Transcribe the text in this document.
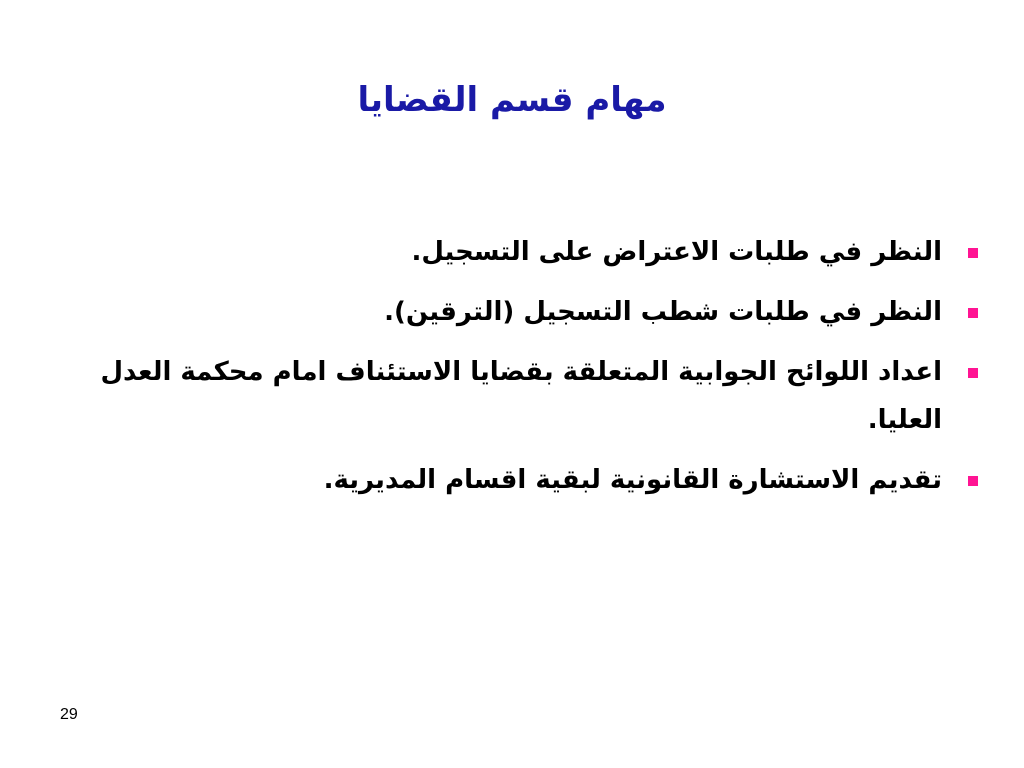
مهام قسم القضايا
النظر في طلبات الاعتراض على التسجيل.
النظر في طلبات شطب التسجيل (الترقين).
اعداد اللوائح الجوابية المتعلقة بقضايا الاستئناف امام محكمة العدل العليا.
تقديم الاستشارة القانونية لبقية اقسام المديرية.
29
